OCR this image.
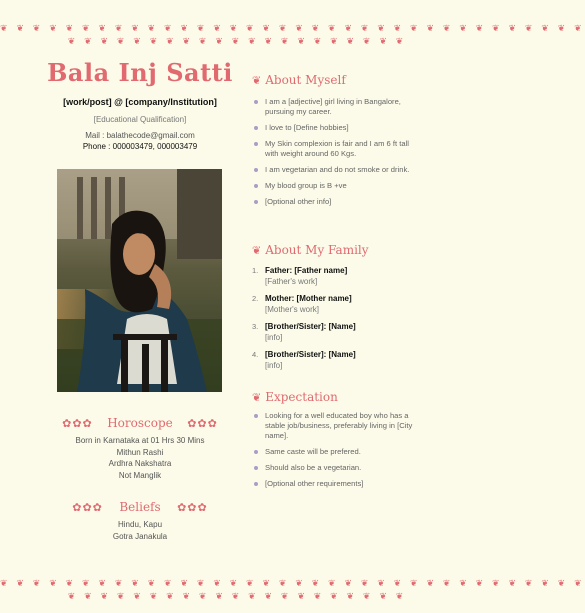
❦ ❦ ❦ ❦ ❦ ❦ ❦ ❦ ❦ ❦ ❦ ❦ ❦ ❦ ❦ ❦ ❦ ❦ ❦ ❦ ❦ ❦ ❦ ❦ ❦ ❦ ❦ ❦ ❦ ❦ ❦ ❦ ❦ ❦ ❦ ❦
❦ ❦ ❦ ❦ ❦ ❦ ❦ ❦ ❦ ❦ ❦ ❦ ❦ ❦ ❦ ❦ ❦ ❦ ❦ ❦ ❦
Bala Inj Satti
[work/post] @ [company/Institution]
[Educational Qualification]
Mail : balathecode@gmail.com
Phone : 000003479, 000003479
✿✿✿ Horoscope ✿✿✿
Born in Karnataka at 01 Hrs 30 Mins
Mithun Rashi
Ardhra Nakshatra
Not Manglik
✿✿✿ Beliefs ✿✿✿
Hindu, Kapu
Gotra Janakula
❦ About Myself
I am a [adjective] girl living in Bangalore, pursuing my career.
I love to [Define hobbies]
My Skin complexion is fair and I am 6 ft tall with weight around 60 Kgs.
I am vegetarian and do not smoke or drink.
My blood group is B +ve
[Optional other info]
❦ About My Family
1. Father: [Father name]
[Father's work]
2. Mother: [Mother name]
[Mother's work]
3. [Brother/Sister]: [Name]
[info]
4. [Brother/Sister]: [Name]
[info]
❦ Expectation
Looking for a well educated boy who has a stable job/business, preferably living in [City name].
Same caste will be prefered.
Should also be a vegetarian.
[Optional other requirements]
❦ ❦ ❦ ❦ ❦ ❦ ❦ ❦ ❦ ❦ ❦ ❦ ❦ ❦ ❦ ❦ ❦ ❦ ❦ ❦ ❦ ❦ ❦ ❦ ❦ ❦ ❦ ❦ ❦ ❦ ❦ ❦ ❦ ❦ ❦ ❦
❦ ❦ ❦ ❦ ❦ ❦ ❦ ❦ ❦ ❦ ❦ ❦ ❦ ❦ ❦ ❦ ❦ ❦ ❦ ❦ ❦
